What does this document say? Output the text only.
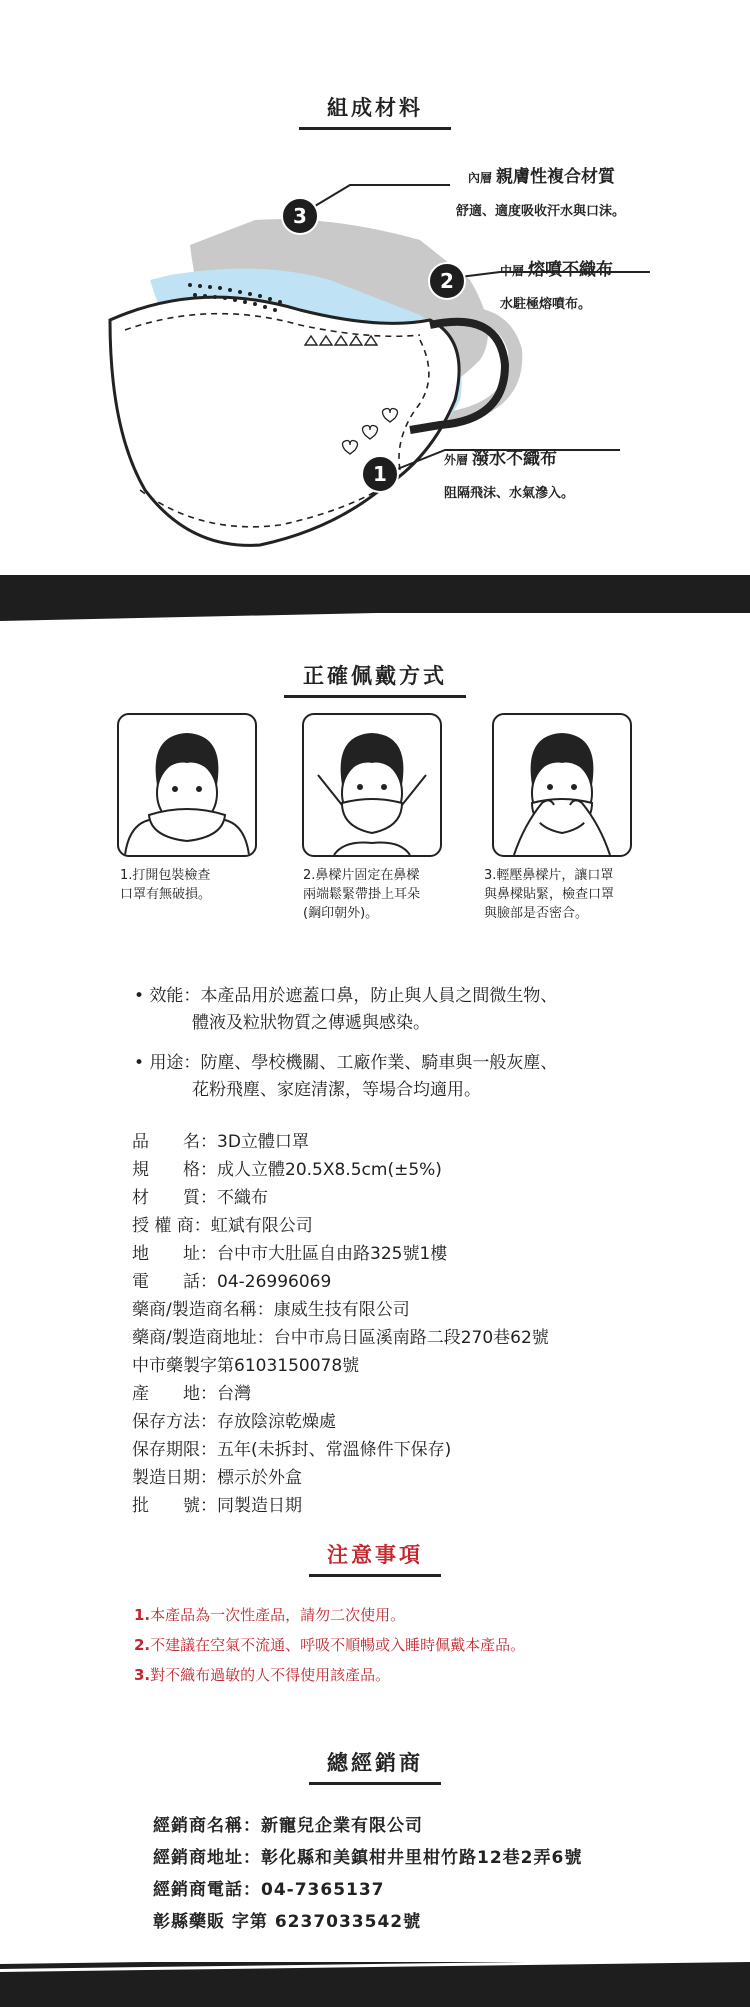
組成材料
3
內層 親膚性複合材質
舒適、適度吸收汗水與口沫。
2	中層 熔噴不織布
水駐極熔噴布。
1
外層 潑水不織布
阻隔飛沫、水氣滲入。
正確佩戴方式
1.打開包裝檢查
口罩有無破損。
2.鼻樑片固定在鼻樑
兩端鬆緊帶掛上耳朵
(鋼印朝外)。
3.輕壓鼻樑片，讓口罩
與鼻樑貼緊，檢查口罩
與臉部是否密合。
• 效能：本產品用於遮蓋口鼻，防止與人員之間微生物、
體液及粒狀物質之傳遞與感染。
• 用途：防塵、學校機關、工廠作業、騎車與一般灰塵、
花粉飛塵、家庭清潔，等場合均適用。
品　　名：3D立體口罩
規　　格：成人立體20.5X8.5cm(±5%)
材　　質：不織布
授 權 商：虹斌有限公司
地　　址：台中市大肚區自由路325號1樓
電　　話：04-26996069
藥商/製造商名稱：康威生技有限公司
藥商/製造商地址：台中市烏日區溪南路二段270巷62號
中市藥製字第6103150078號
產　　地：台灣
保存方法：存放陰涼乾燥處
保存期限：五年(未拆封、常溫條件下保存)
製造日期：標示於外盒
批　　號：同製造日期
注意事項
1.本產品為一次性產品，請勿二次使用。
2.不建議在空氣不流通、呼吸不順暢或入睡時佩戴本產品。
3.對不織布過敏的人不得使用該產品。
總經銷商
經銷商名稱：新寵兒企業有限公司
經銷商地址：彰化縣和美鎮柑井里柑竹路12巷2弄6號
經銷商電話：04-7365137
彰縣藥販 字第 6237033542號
